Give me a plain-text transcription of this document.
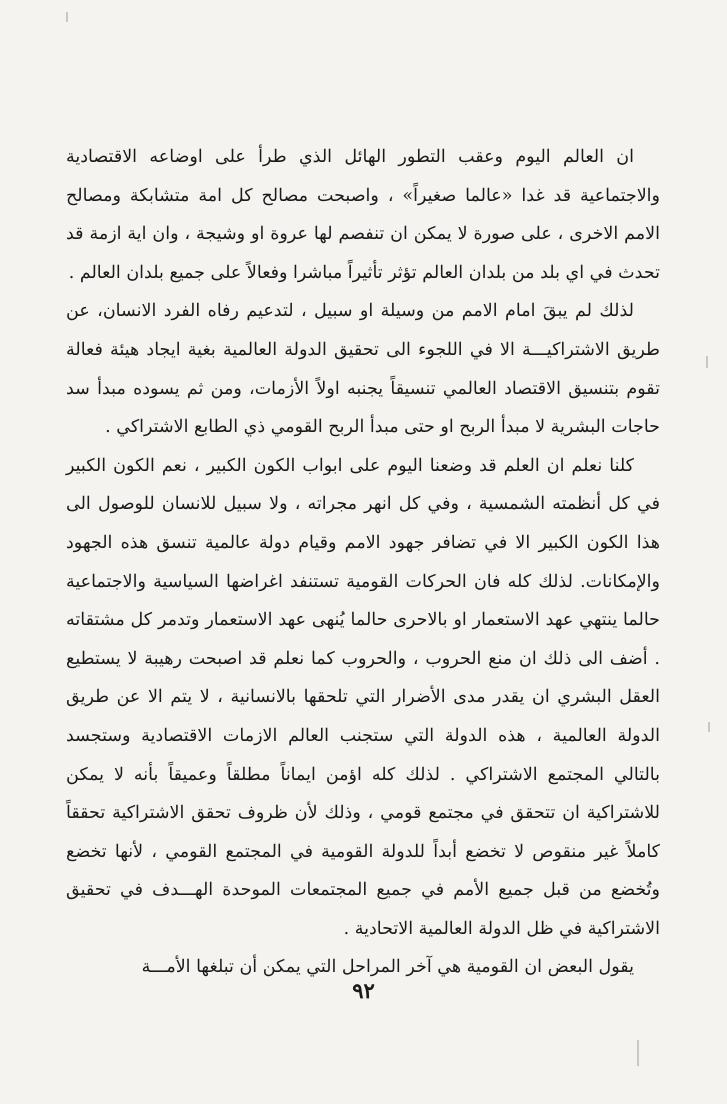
ان العالم اليوم وعقب التطور الهائل الذي طرأ على اوضاعه الاقتصادية والاجتماعية قد غدا «عالما صغيراً» ، واصبحت مصالح كل امة متشابكة ومصالح الامم الاخرى ، على صورة لا يمكن ان تنفصم لها عروة او وشيجة ، وان اية ازمة قد تحدث في اي بلد من بلدان العالم تؤثر تأثيراً مباشرا وفعالاً على جميع بلدان العالم .

لذلك لم يبقَ امام الامم من وسيلة او سبيل ، لتدعيم رفاه الفرد الانسان، عن طريق الاشتراكيـــة الا في اللجوء الى تحقيق الدولة العالمية بغية ايجاد هيئة فعالة تقوم بتنسيق الاقتصاد العالمي تنسيقاً يجنبه اولاً الأزمات، ومن ثم يسوده مبدأ سد حاجات البشرية لا مبدأ الربح او حتى مبدأ الربح القومي ذي الطابع الاشتراكي .

كلنا نعلم ان العلم قد وضعنا اليوم على ابواب الكون الكبير ، نعم الكون الكبير في كل أنظمته الشمسية ، وفي كل انهر مجراته ، ولا سبيل للانسان للوصول الى هذا الكون الكبير الا في تضافر جهود الامم وقيام دولة عالمية تنسق هذه الجهود والإمكانات. لذلك كله فان الحركات القومية تستنفد اغراضها السياسية والاجتماعية حالما ينتهي عهد الاستعمار او بالاحرى حالما يُنهى عهد الاستعمار وتدمر كل مشتقاته . أضف الى ذلك ان منع الحروب ، والحروب كما نعلم قد اصبحت رهيبة لا يستطيع العقل البشري ان يقدر مدى الأضرار التي تلحقها بالانسانية ، لا يتم الا عن طريق الدولة العالمية ، هذه الدولة التي ستجنب العالم الازمات الاقتصادية وستجسد بالتالي المجتمع الاشتراكي . لذلك كله اؤمن ايماناً مطلقاً وعميقاً بأنه لا يمكن للاشتراكية ان تتحقق في مجتمع قومي ، وذلك لأن ظروف تحقق الاشتراكية تحققاً كاملاً غير منقوص لا تخضع أبداً للدولة القومية في المجتمع القومي ، لأنها تخضع وتُخضع من قبل جميع الأمم في جميع المجتمعات الموحدة الهـــدف في تحقيق الاشتراكية في ظل الدولة العالمية الاتحادية .

يقول البعض ان القومية هي آخر المراحل التي يمكن أن تبلغها الأمـــة

٩٢
